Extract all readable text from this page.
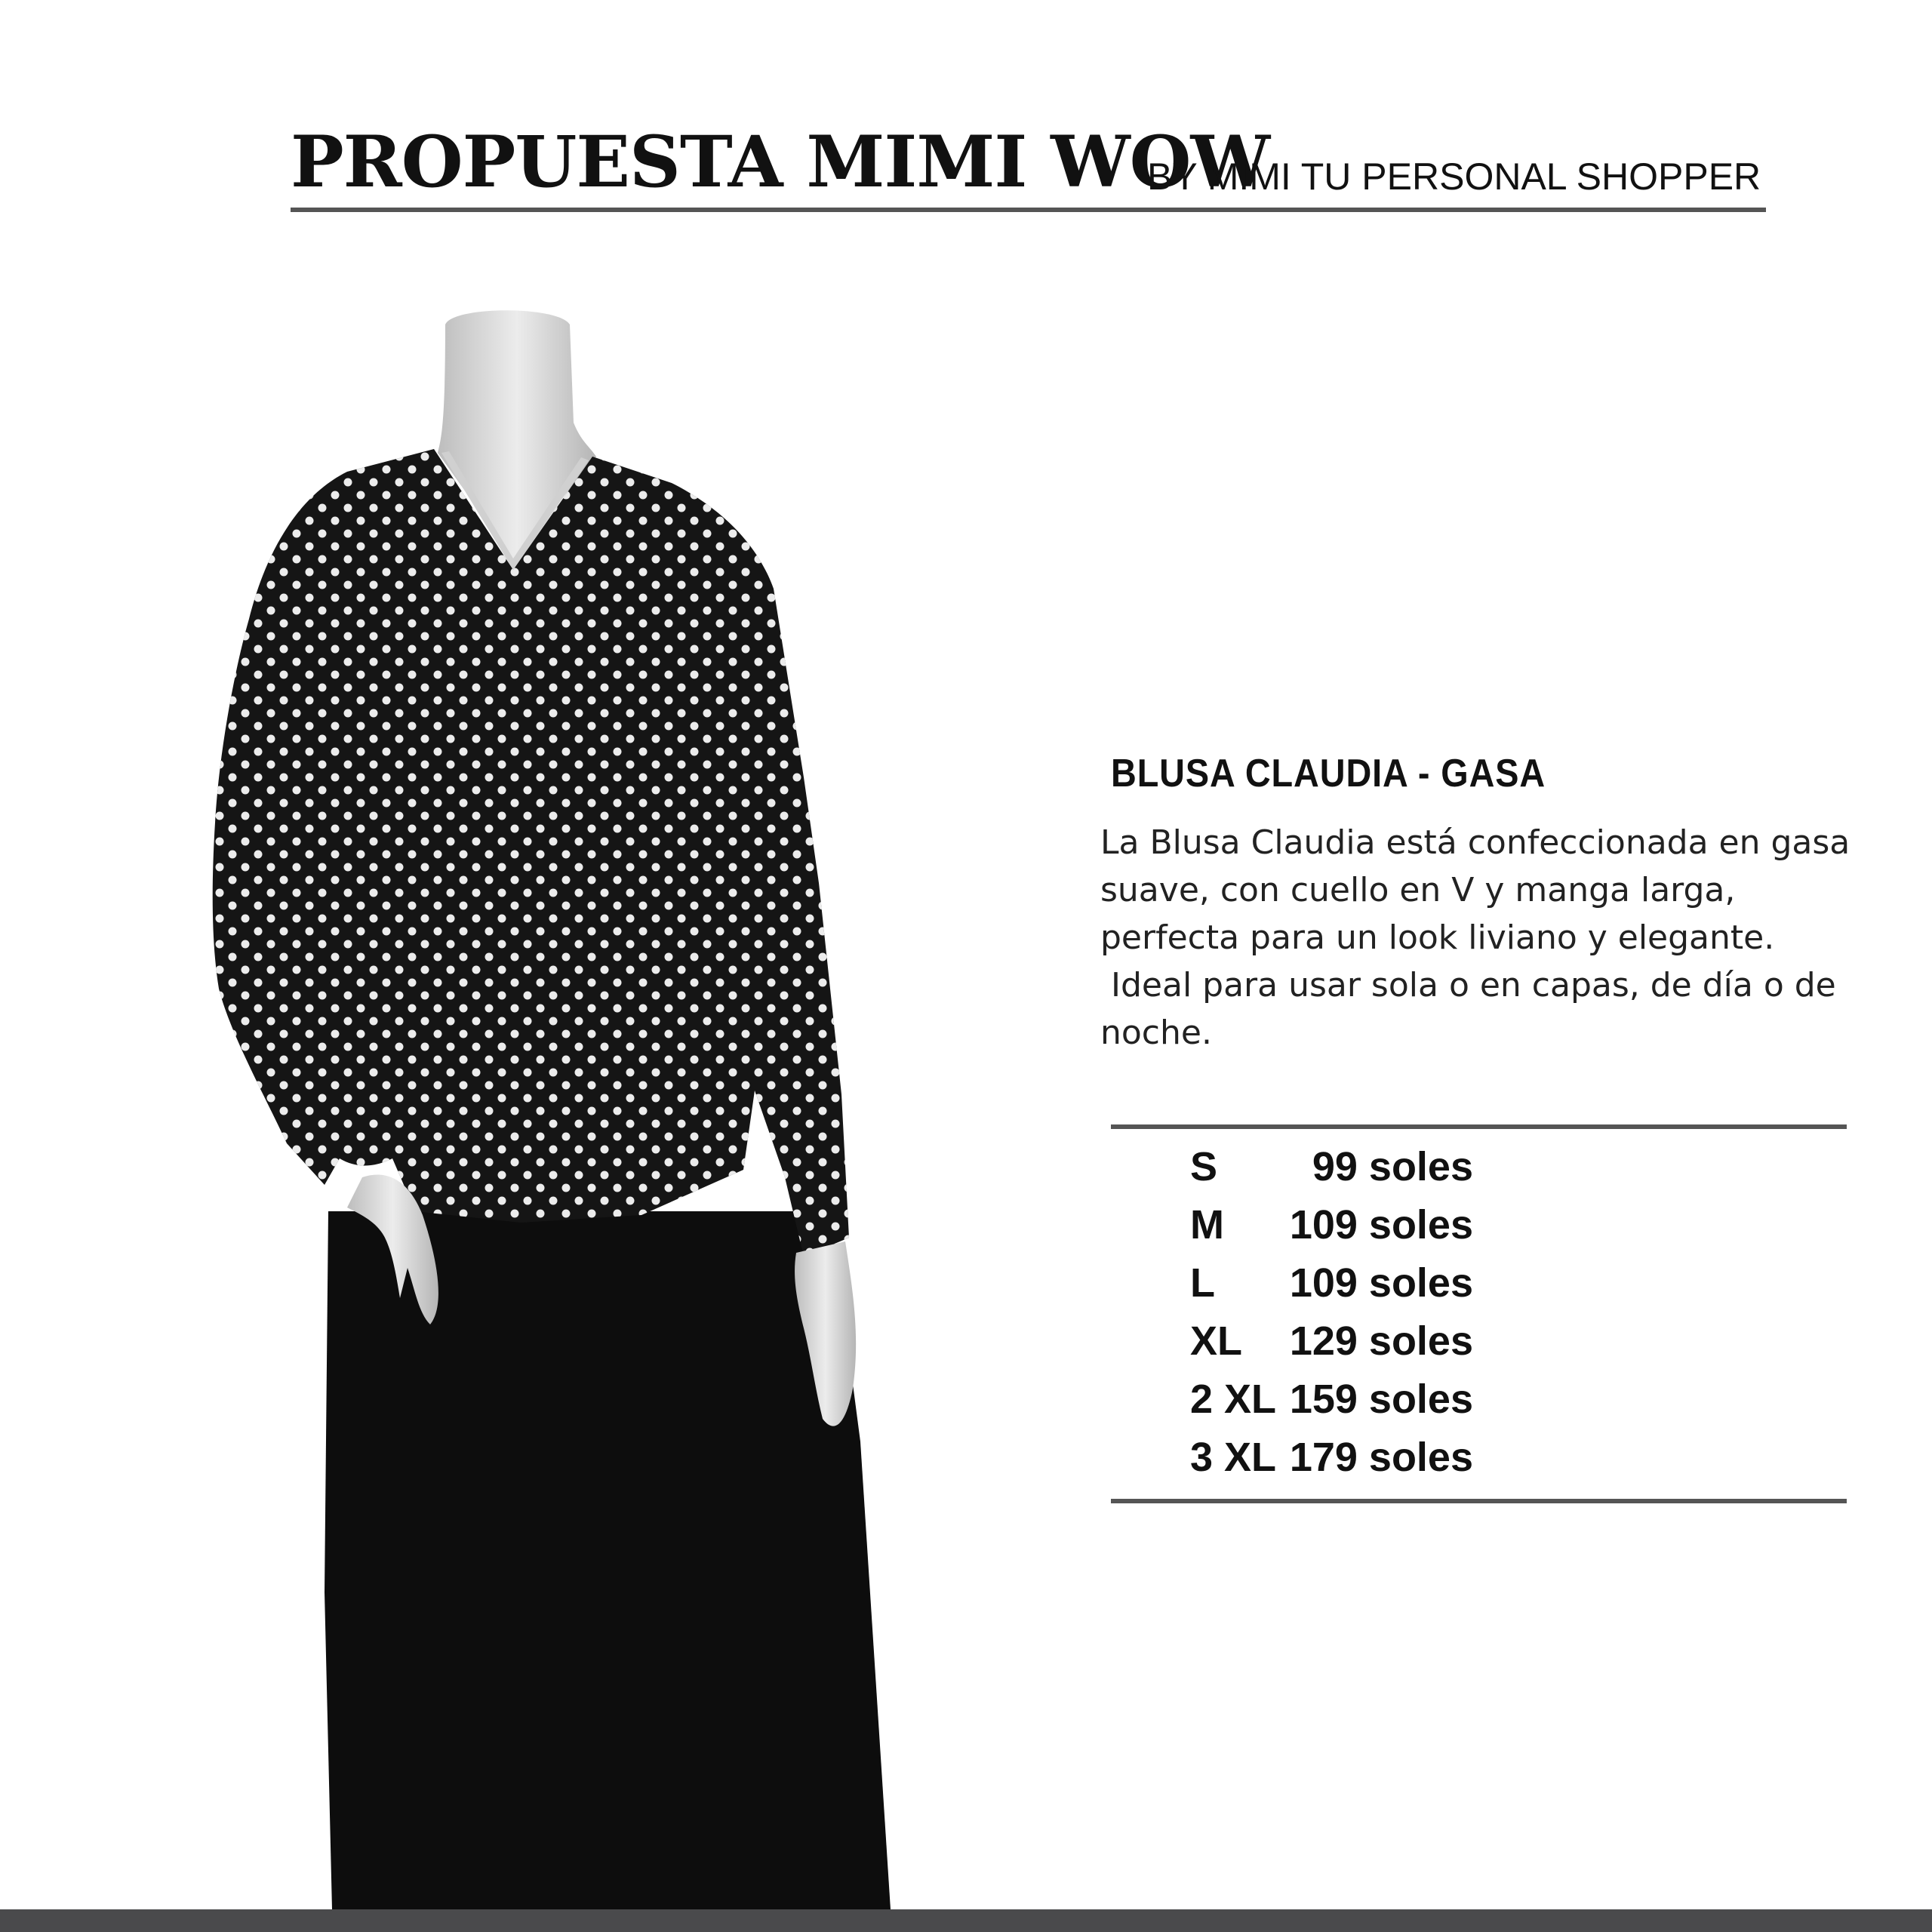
PROPUESTA MIMI WOW
BY MIMI TU PERSONAL SHOPPER
BLUSA CLAUDIA - GASA

La Blusa Claudia está confeccionada en gasa suave, con cuello en V y manga larga, perfecta para un look liviano y elegante.

Ideal para usar sola o en capas, de día o de noche.

S 99 soles
M 109 soles
L 109 soles
XL 129 soles
2 XL 159 soles
3 XL 179 soles
